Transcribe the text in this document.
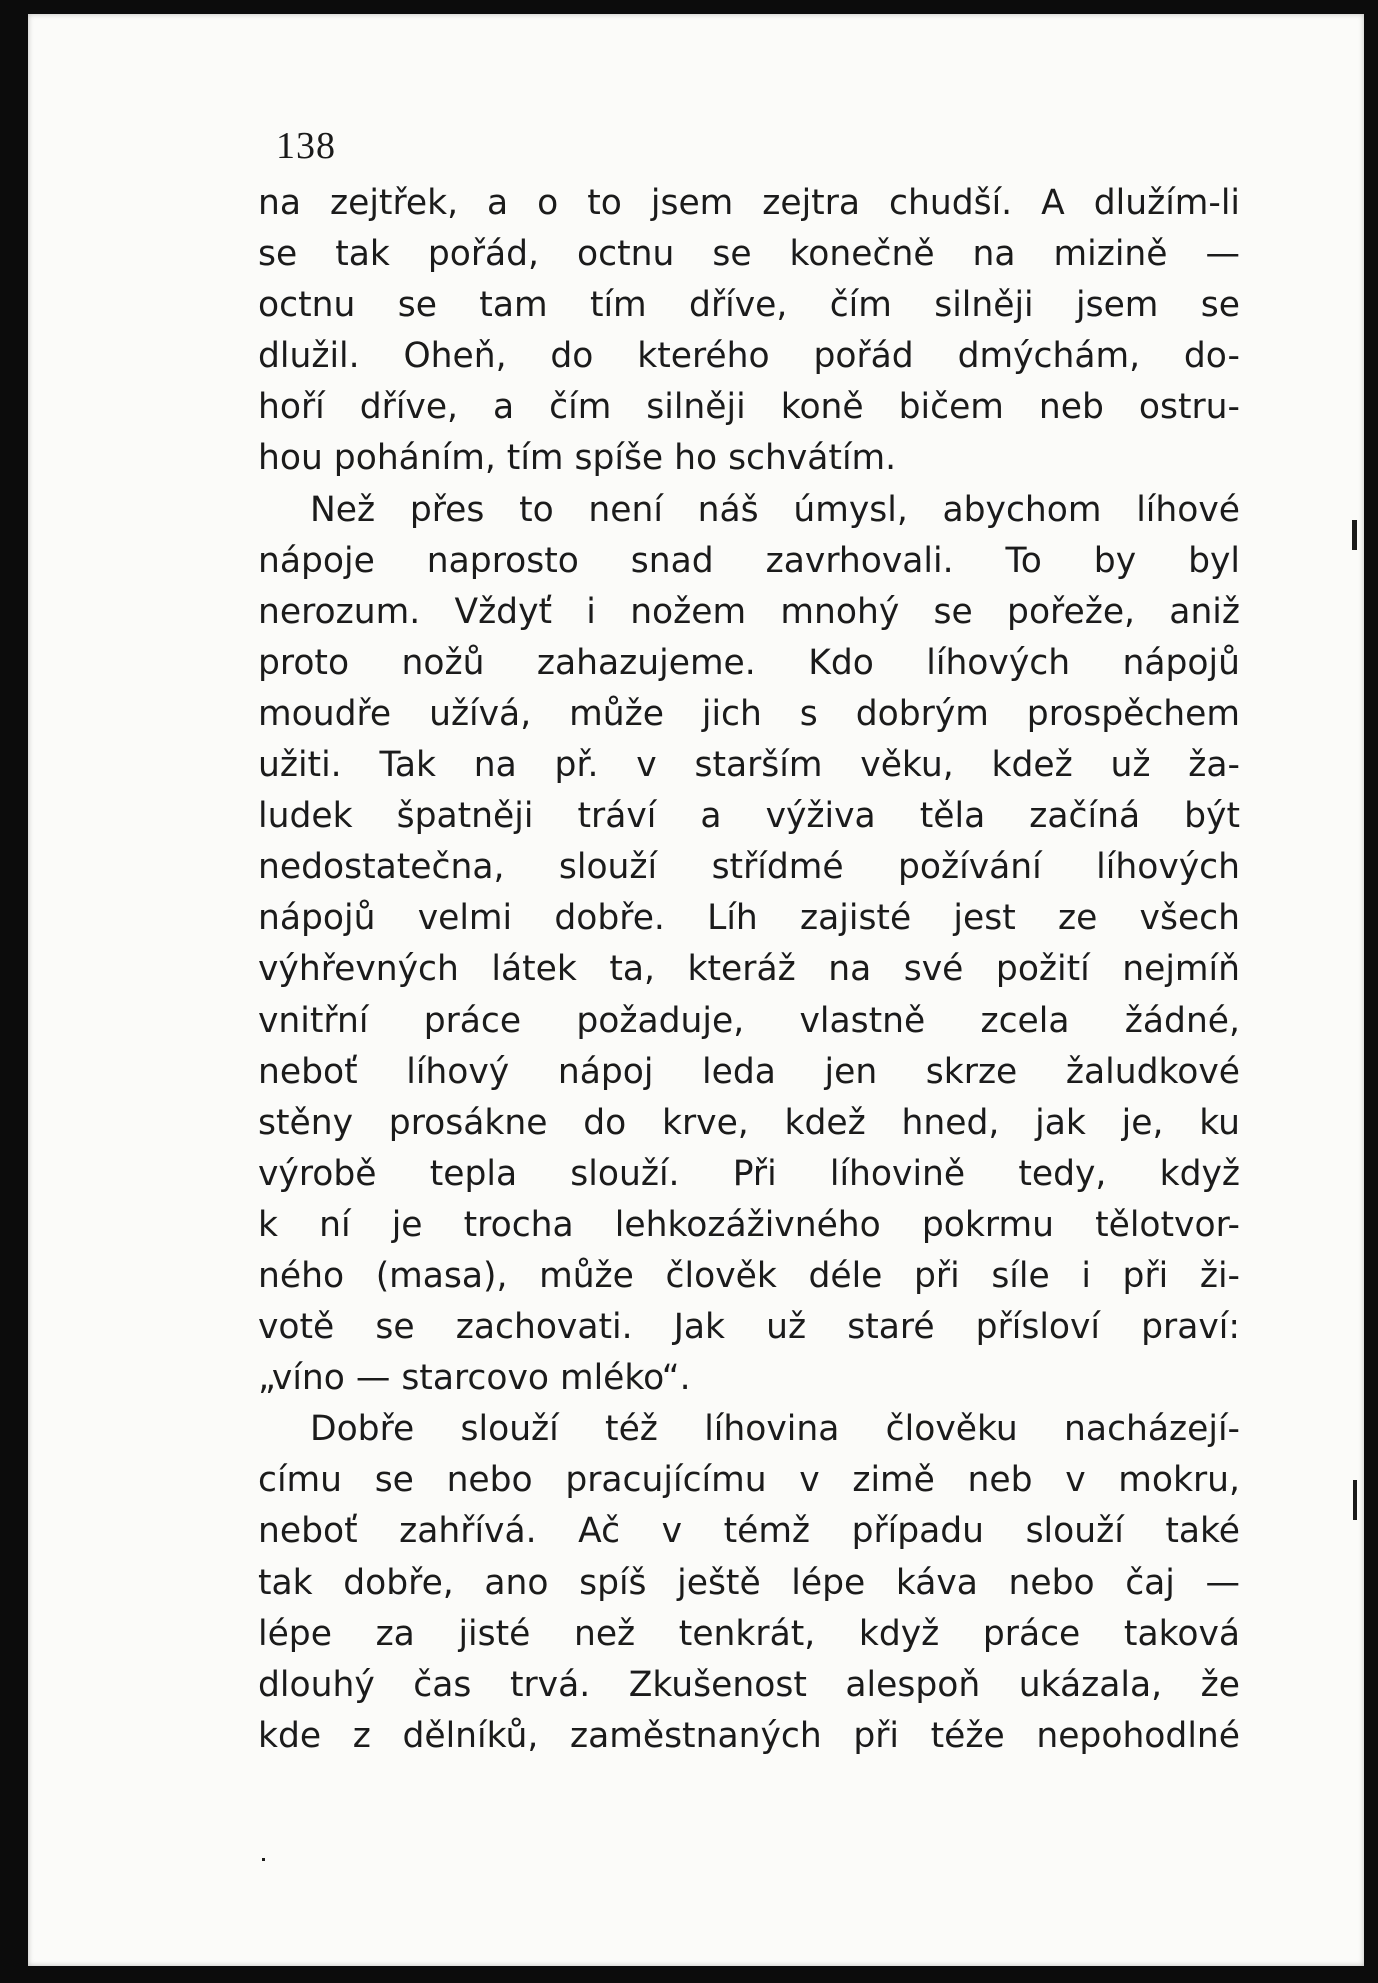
138
na zejtřek, a o to jsem zejtra chudší. A dlužím-li
se tak pořád, octnu se konečně na mizině —
octnu se tam tím dříve, čím silněji jsem se
dlužil. Oheň, do kterého pořád dmýchám, do-
hoří dříve, a čím silněji koně bičem neb ostru-
hou poháním, tím spíše ho schvátím.
Než přes to není náš úmysl, abychom líhové
nápoje naprosto snad zavrhovali. To by byl
nerozum. Vždyť i nožem mnohý se pořeže, aniž
proto nožů zahazujeme. Kdo líhových nápojů
moudře užívá, může jich s dobrým prospěchem
užiti. Tak na př. v starším věku, kdež už ža-
ludek špatněji tráví a výživa těla začíná být
nedostatečna, slouží střídmé požívání líhových
nápojů velmi dobře. Líh zajisté jest ze všech
výhřevných látek ta, kteráž na své požití nejmíň
vnitřní práce požaduje, vlastně zcela žádné,
neboť líhový nápoj leda jen skrze žaludkové
stěny prosákne do krve, kdež hned, jak je, ku
výrobě tepla slouží. Při líhovině tedy, když
k ní je trocha lehkozáživného pokrmu tělotvor-
ného (masa), může člověk déle při síle i při ži-
votě se zachovati. Jak už staré přísloví praví:
„víno — starcovo mléko“.
Dobře slouží též líhovina člověku nacházejí-
címu se nebo pracujícímu v zimě neb v mokru,
neboť zahřívá. Ač v témž případu slouží také
tak dobře, ano spíš ještě lépe káva nebo čaj —
lépe za jisté než tenkrát, když práce taková
dlouhý čas trvá. Zkušenost alespoň ukázala, že
kde z dělníků, zaměstnaných při téže nepohodlné
